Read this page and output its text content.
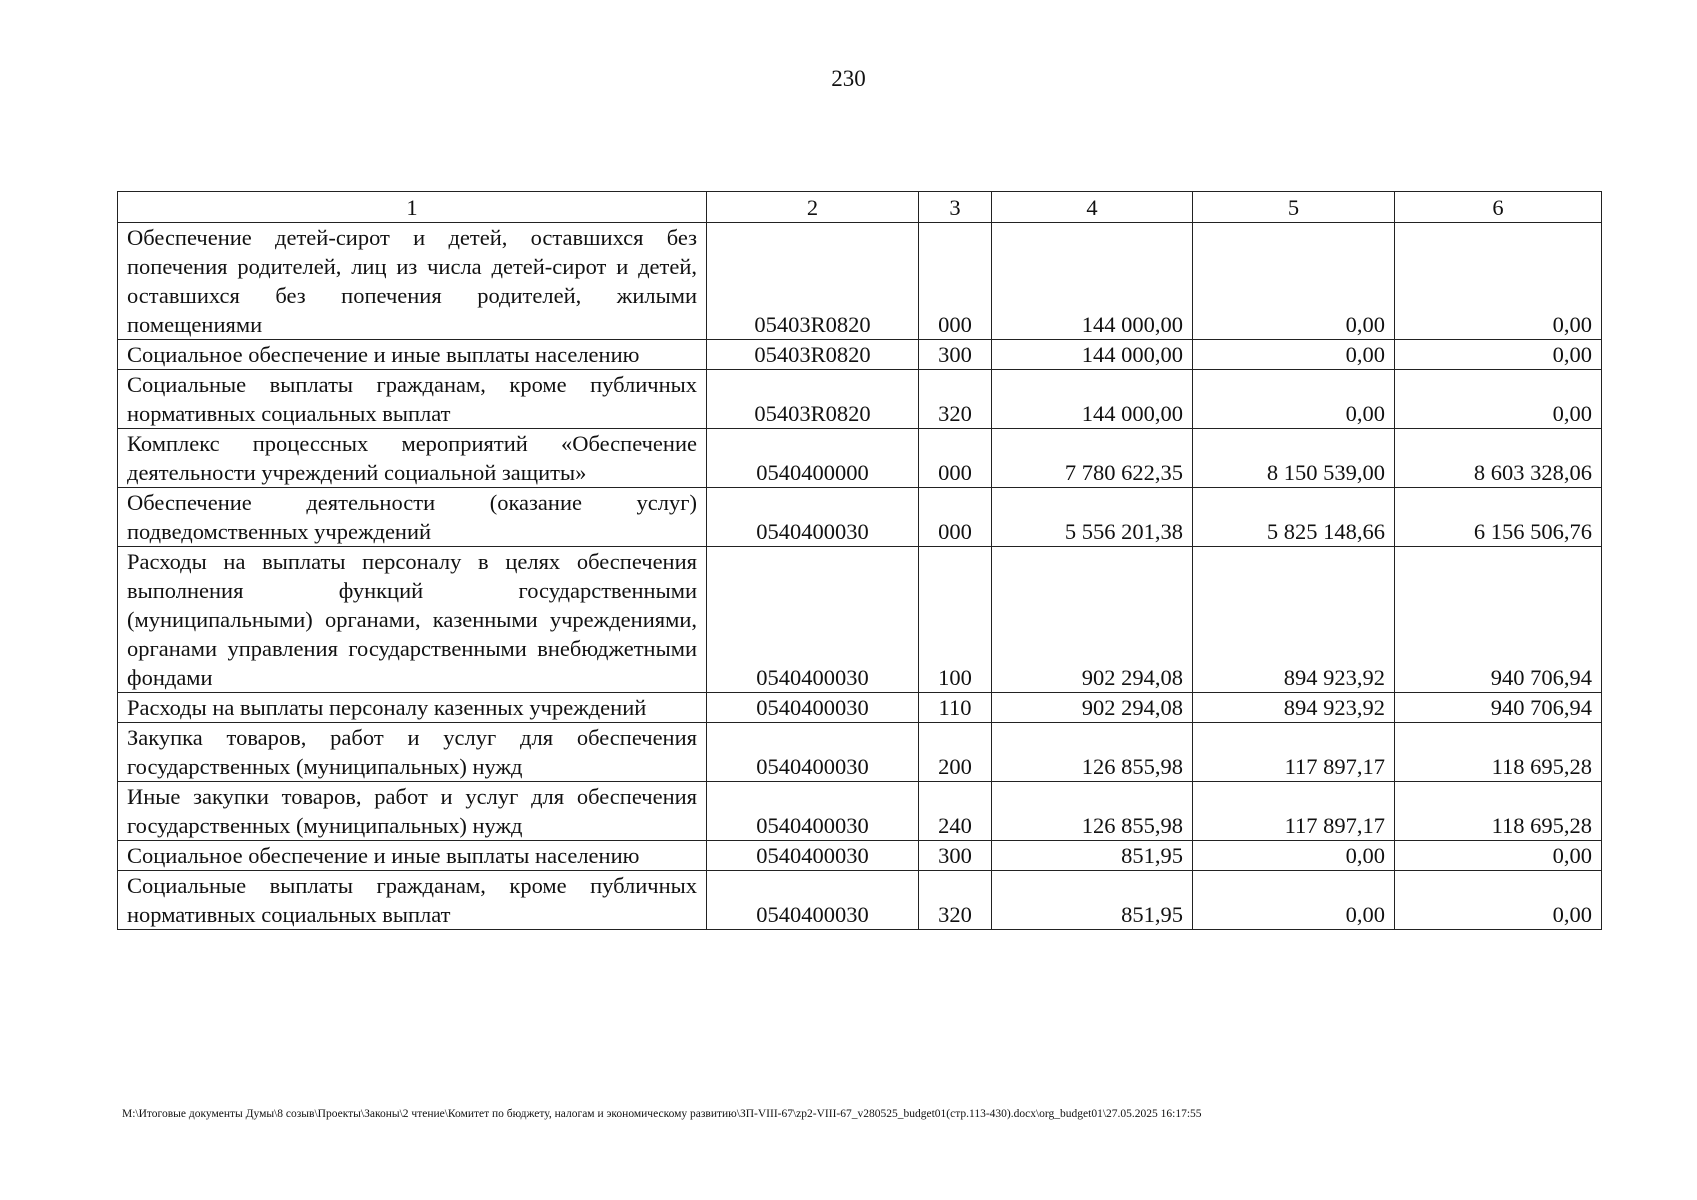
230
1	2	3	4	5	6
Обеспечение детей-сирот и детей, оставшихся без попечения родителей, лиц из числа детей-сирот и детей, оставшихся без попечения родителей, жилыми помещениями	05403R0820	000	144 000,00	0,00	0,00
Социальное обеспечение и иные выплаты населению	05403R0820	300	144 000,00	0,00	0,00
Социальные выплаты гражданам, кроме публичных нормативных социальных выплат	05403R0820	320	144 000,00	0,00	0,00
Комплекс процессных мероприятий «Обеспечение деятельности учреждений социальной защиты»	0540400000	000	7 780 622,35	8 150 539,00	8 603 328,06
Обеспечение деятельности (оказание услуг) подведомственных учреждений	0540400030	000	5 556 201,38	5 825 148,66	6 156 506,76
Расходы на выплаты персоналу в целях обеспечения выполнения функций государственными (муниципальными) органами, казенными учреждениями, органами управления государственными внебюджетными фондами	0540400030	100	902 294,08	894 923,92	940 706,94
Расходы на выплаты персоналу казенных учреждений	0540400030	110	902 294,08	894 923,92	940 706,94
Закупка товаров, работ и услуг для обеспечения государственных (муниципальных) нужд	0540400030	200	126 855,98	117 897,17	118 695,28
Иные закупки товаров, работ и услуг для обеспечения государственных (муниципальных) нужд	0540400030	240	126 855,98	117 897,17	118 695,28
Социальное обеспечение и иные выплаты населению	0540400030	300	851,95	0,00	0,00
Социальные выплаты гражданам, кроме публичных нормативных социальных выплат	0540400030	320	851,95	0,00	0,00
M:\Итоговые документы Думы\8 созыв\Проекты\Законы\2 чтение\Комитет по бюджету, налогам и экономическому развитию\ЗП-VIII-67\zp2-VIII-67_v280525_budget01(стр.113-430).docx\org_budget01\27.05.2025 16:17:55
